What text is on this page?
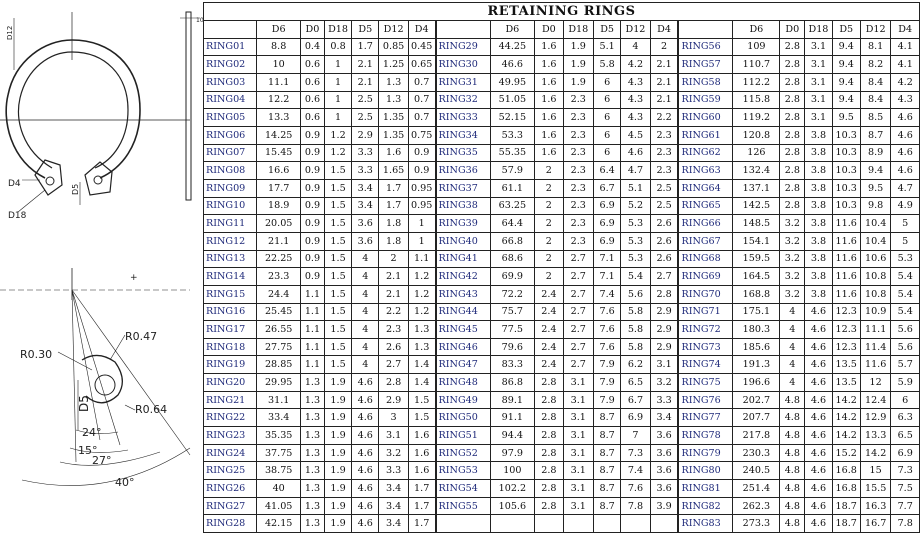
D12
D4
D18
D5
10
+
R0.47
R0.30
R0.64
D5
24°
15°
27°
40°
RETAINING RINGS																				
	D6	D0	D18	D5	D12	D4		D6	D0	D18	D5	D12	D4		D6	D0	D18	D5	D12	D4
RING01	8.8	0.4	0.8	1.7	0.85	0.45	RING29	44.25	1.6	1.9	5.1	4	2	RING56	109	2.8	3.1	9.4	8.1	4.1
RING02	10	0.6	1	2.1	1.25	0.65	RING30	46.6	1.6	1.9	5.8	4.2	2.1	RING57	110.7	2.8	3.1	9.4	8.2	4.1
RING03	11.1	0.6	1	2.1	1.3	0.7	RING31	49.95	1.6	1.9	6	4.3	2.1	RING58	112.2	2.8	3.1	9.4	8.4	4.2
RING04	12.2	0.6	1	2.5	1.3	0.7	RING32	51.05	1.6	2.3	6	4.3	2.1	RING59	115.8	2.8	3.1	9.4	8.4	4.3
RING05	13.3	0.6	1	2.5	1.35	0.7	RING33	52.15	1.6	2.3	6	4.3	2.2	RING60	119.2	2.8	3.1	9.5	8.5	4.6
RING06	14.25	0.9	1.2	2.9	1.35	0.75	RING34	53.3	1.6	2.3	6	4.5	2.3	RING61	120.8	2.8	3.8	10.3	8.7	4.6
RING07	15.45	0.9	1.2	3.3	1.6	0.9	RING35	55.35	1.6	2.3	6	4.6	2.3	RING62	126	2.8	3.8	10.3	8.9	4.6
RING08	16.6	0.9	1.5	3.3	1.65	0.9	RING36	57.9	2	2.3	6.4	4.7	2.3	RING63	132.4	2.8	3.8	10.3	9.4	4.6
RING09	17.7	0.9	1.5	3.4	1.7	0.95	RING37	61.1	2	2.3	6.7	5.1	2.5	RING64	137.1	2.8	3.8	10.3	9.5	4.7
RING10	18.9	0.9	1.5	3.4	1.7	0.95	RING38	63.25	2	2.3	6.9	5.2	2.5	RING65	142.5	2.8	3.8	10.3	9.8	4.9
RING11	20.05	0.9	1.5	3.6	1.8	1	RING39	64.4	2	2.3	6.9	5.3	2.6	RING66	148.5	3.2	3.8	11.6	10.4	5
RING12	21.1	0.9	1.5	3.6	1.8	1	RING40	66.8	2	2.3	6.9	5.3	2.6	RING67	154.1	3.2	3.8	11.6	10.4	5
RING13	22.25	0.9	1.5	4	2	1.1	RING41	68.6	2	2.7	7.1	5.3	2.6	RING68	159.5	3.2	3.8	11.6	10.6	5.3
RING14	23.3	0.9	1.5	4	2.1	1.2	RING42	69.9	2	2.7	7.1	5.4	2.7	RING69	164.5	3.2	3.8	11.6	10.8	5.4
RING15	24.4	1.1	1.5	4	2.1	1.2	RING43	72.2	2.4	2.7	7.4	5.6	2.8	RING70	168.8	3.2	3.8	11.6	10.8	5.4
RING16	25.45	1.1	1.5	4	2.2	1.2	RING44	75.7	2.4	2.7	7.6	5.8	2.9	RING71	175.1	4	4.6	12.3	10.9	5.4
RING17	26.55	1.1	1.5	4	2.3	1.3	RING45	77.5	2.4	2.7	7.6	5.8	2.9	RING72	180.3	4	4.6	12.3	11.1	5.6
RING18	27.75	1.1	1.5	4	2.6	1.3	RING46	79.6	2.4	2.7	7.6	5.8	2.9	RING73	185.6	4	4.6	12.3	11.4	5.6
RING19	28.85	1.1	1.5	4	2.7	1.4	RING47	83.3	2.4	2.7	7.9	6.2	3.1	RING74	191.3	4	4.6	13.5	11.6	5.7
RING20	29.95	1.3	1.9	4.6	2.8	1.4	RING48	86.8	2.8	3.1	7.9	6.5	3.2	RING75	196.6	4	4.6	13.5	12	5.9
RING21	31.1	1.3	1.9	4.6	2.9	1.5	RING49	89.1	2.8	3.1	7.9	6.7	3.3	RING76	202.7	4.8	4.6	14.2	12.4	6
RING22	33.4	1.3	1.9	4.6	3	1.5	RING50	91.1	2.8	3.1	8.7	6.9	3.4	RING77	207.7	4.8	4.6	14.2	12.9	6.3
RING23	35.35	1.3	1.9	4.6	3.1	1.6	RING51	94.4	2.8	3.1	8.7	7	3.6	RING78	217.8	4.8	4.6	14.2	13.3	6.5
RING24	37.75	1.3	1.9	4.6	3.2	1.6	RING52	97.9	2.8	3.1	8.7	7.3	3.6	RING79	230.3	4.8	4.6	15.2	14.2	6.9
RING25	38.75	1.3	1.9	4.6	3.3	1.6	RING53	100	2.8	3.1	8.7	7.4	3.6	RING80	240.5	4.8	4.6	16.8	15	7.3
RING26	40	1.3	1.9	4.6	3.4	1.7	RING54	102.2	2.8	3.1	8.7	7.6	3.6	RING81	251.4	4.8	4.6	16.8	15.5	7.5
RING27	41.05	1.3	1.9	4.6	3.4	1.7	RING55	105.6	2.8	3.1	8.7	7.8	3.9	RING82	262.3	4.8	4.6	18.7	16.3	7.7
RING28	42.15	1.3	1.9	4.6	3.4	1.7								RING83	273.3	4.8	4.6	18.7	16.7	7.8
